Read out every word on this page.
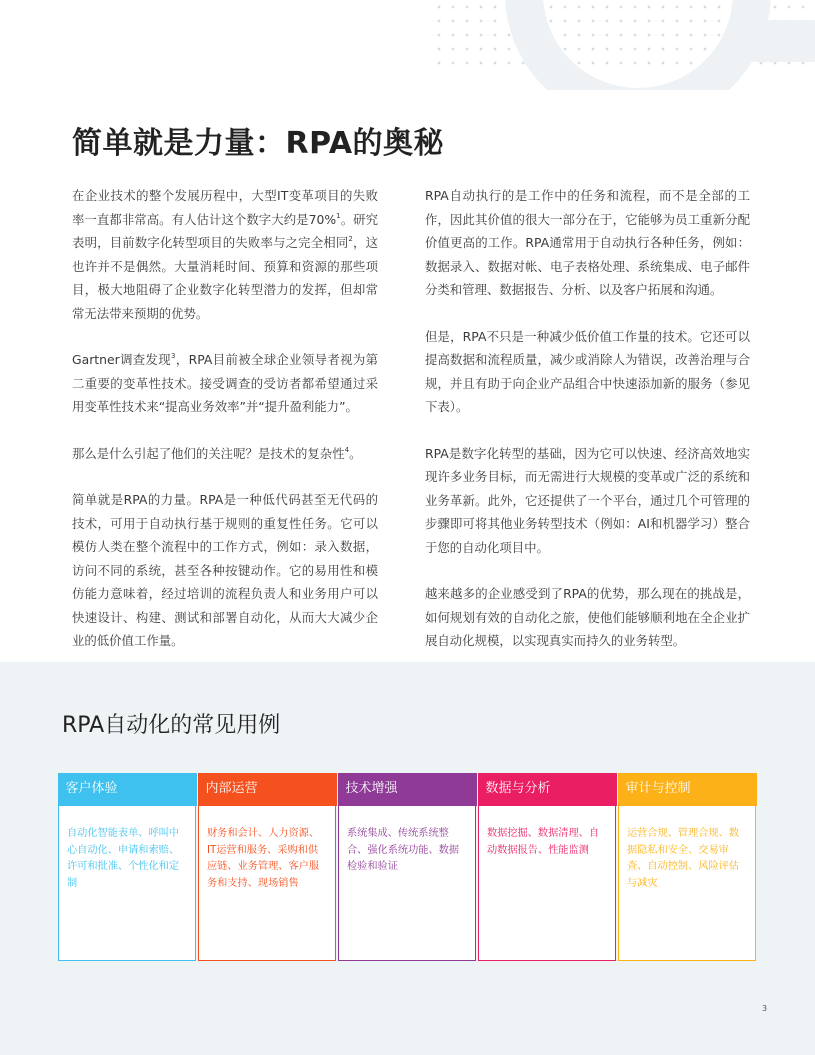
简单就是力量：RPA的奥秘

在企业技术的整个发展历程中，大型IT变革项目的失败率一直都非常高。有人估计这个数字大约是70%$^1$。研究表明，目前数字化转型项目的失败率与之完全相同$^2$，这也许并不是偶然。大量消耗时间、预算和资源的那些项目，极大地阻碍了企业数字化转型潜力的发挥，但却常常无法带来预期的优势。

Gartner调查发现$^3$，RPA目前被全球企业领导者视为第二重要的变革性技术。接受调查的受访者都希望通过采用变革性技术来“提高业务效率”并“提升盈利能力”。

那么是什么引起了他们的关注呢？是技术的复杂性$^4$。

简单就是RPA的力量。RPA是一种低代码甚至无代码的技术，可用于自动执行基于规则的重复性任务。它可以模仿人类在整个流程中的工作方式，例如：录入数据，访问不同的系统，甚至各种按键动作。它的易用性和模仿能力意味着，经过培训的流程负责人和业务用户可以快速设计、构建、测试和部署自动化，从而大大减少企业的低价值工作量。

RPA自动执行的是工作中的任务和流程，而不是全部的工作，因此其价值的很大一部分在于，它能够为员工重新分配价值更高的工作。RPA通常用于自动执行各种任务，例如：数据录入、数据对帐、电子表格处理、系统集成、电子邮件分类和管理、数据报告、分析、以及客户拓展和沟通。

但是，RPA不只是一种减少低价值工作量的技术。它还可以提高数据和流程质量，减少或消除人为错误，改善治理与合规，并且有助于向企业产品组合中快速添加新的服务（参见下表）。

RPA是数字化转型的基础，因为它可以快速、经济高效地实现许多业务目标，而无需进行大规模的变革或广泛的系统和业务革新。此外，它还提供了一个平台，通过几个可管理的步骤即可将其他业务转型技术（例如：AI和机器学习）整合于您的自动化项目中。

越来越多的企业感受到了RPA的优势，那么现在的挑战是，如何规划有效的自动化之旅，使他们能够顺利地在全企业扩展自动化规模，以实现真实而持久的业务转型。

RPA自动化的常见用例
客户体验
自动化智能表单、呼叫中心自动化、申请和索赔、许可和批准、个性化和定制
内部运营
财务和会计、人力资源、IT运营和服务、采购和供应链、业务管理、客户服务和支持、现场销售
技术增强
系统集成、传统系统整合、强化系统功能、数据检验和验证
数据与分析
数据挖掘、数据清理、自动数据报告、性能监测
审计与控制
运营合规、管理合规、数据隐私和安全、交易审查、自动控制、风险评估与减灾
3
